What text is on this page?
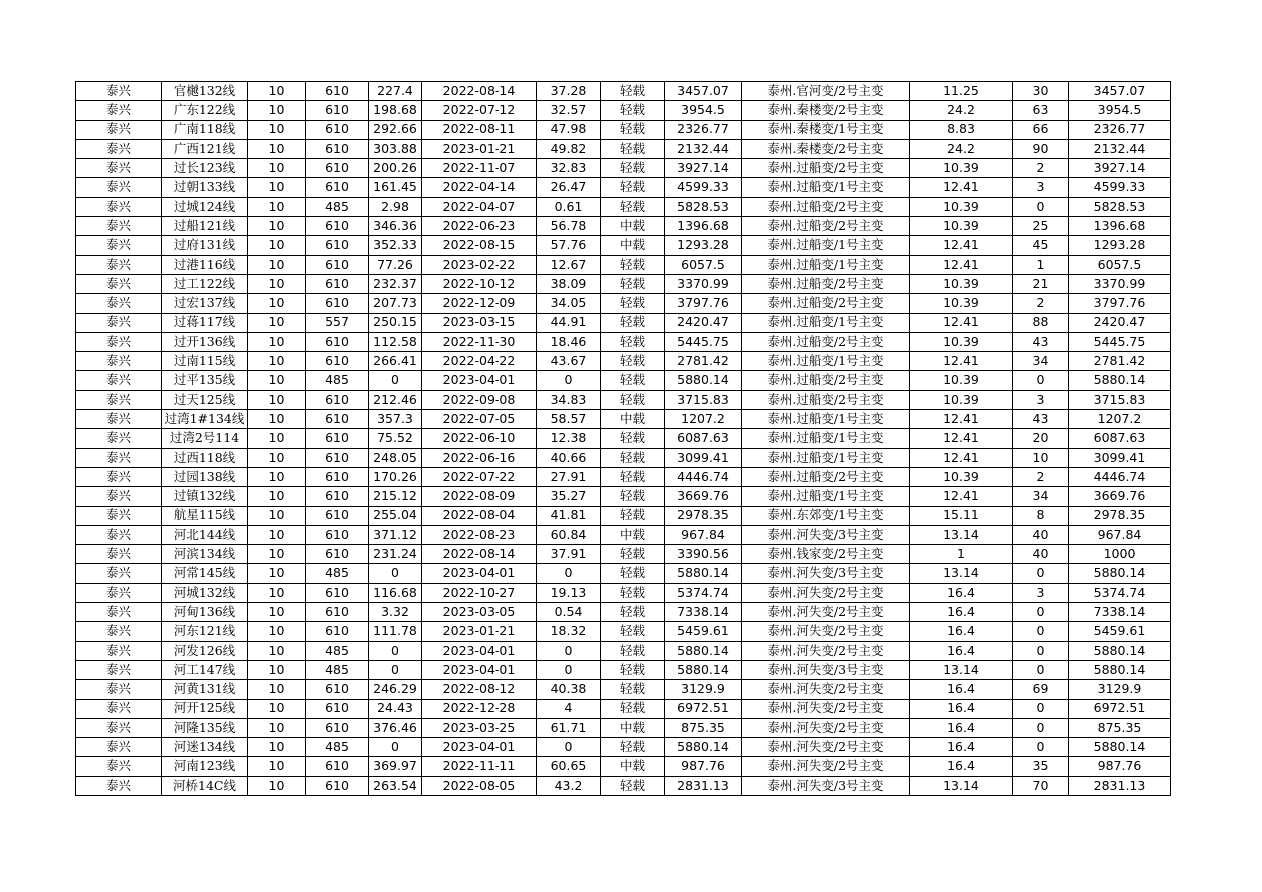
泰兴	官樾132线	10	610	227.4	2022-08-14	37.28	轻载	3457.07	泰州.官河变/2号主变	11.25	30	3457.07
泰兴	广东122线	10	610	198.68	2022-07-12	32.57	轻载	3954.5	泰州.秦楼变/2号主变	24.2	63	3954.5
泰兴	广南118线	10	610	292.66	2022-08-11	47.98	轻载	2326.77	泰州.秦楼变/1号主变	8.83	66	2326.77
泰兴	广西121线	10	610	303.88	2023-01-21	49.82	轻载	2132.44	泰州.秦楼变/2号主变	24.2	90	2132.44
泰兴	过长123线	10	610	200.26	2022-11-07	32.83	轻载	3927.14	泰州.过船变/2号主变	10.39	2	3927.14
泰兴	过朝133线	10	610	161.45	2022-04-14	26.47	轻载	4599.33	泰州.过船变/1号主变	12.41	3	4599.33
泰兴	过城124线	10	485	2.98	2022-04-07	0.61	轻载	5828.53	泰州.过船变/2号主变	10.39	0	5828.53
泰兴	过船121线	10	610	346.36	2022-06-23	56.78	中载	1396.68	泰州.过船变/2号主变	10.39	25	1396.68
泰兴	过府131线	10	610	352.33	2022-08-15	57.76	中载	1293.28	泰州.过船变/1号主变	12.41	45	1293.28
泰兴	过港116线	10	610	77.26	2023-02-22	12.67	轻载	6057.5	泰州.过船变/1号主变	12.41	1	6057.5
泰兴	过工122线	10	610	232.37	2022-10-12	38.09	轻载	3370.99	泰州.过船变/2号主变	10.39	21	3370.99
泰兴	过宏137线	10	610	207.73	2022-12-09	34.05	轻载	3797.76	泰州.过船变/2号主变	10.39	2	3797.76
泰兴	过蒋117线	10	557	250.15	2023-03-15	44.91	轻载	2420.47	泰州.过船变/1号主变	12.41	88	2420.47
泰兴	过开136线	10	610	112.58	2022-11-30	18.46	轻载	5445.75	泰州.过船变/2号主变	10.39	43	5445.75
泰兴	过南115线	10	610	266.41	2022-04-22	43.67	轻载	2781.42	泰州.过船变/1号主变	12.41	34	2781.42
泰兴	过平135线	10	485	0	2023-04-01	0	轻载	5880.14	泰州.过船变/2号主变	10.39	0	5880.14
泰兴	过天125线	10	610	212.46	2022-09-08	34.83	轻载	3715.83	泰州.过船变/2号主变	10.39	3	3715.83
泰兴	过湾1#134线	10	610	357.3	2022-07-05	58.57	中载	1207.2	泰州.过船变/1号主变	12.41	43	1207.2
泰兴	过湾2号114	10	610	75.52	2022-06-10	12.38	轻载	6087.63	泰州.过船变/1号主变	12.41	20	6087.63
泰兴	过西118线	10	610	248.05	2022-06-16	40.66	轻载	3099.41	泰州.过船变/1号主变	12.41	10	3099.41
泰兴	过园138线	10	610	170.26	2022-07-22	27.91	轻载	4446.74	泰州.过船变/2号主变	10.39	2	4446.74
泰兴	过镇132线	10	610	215.12	2022-08-09	35.27	轻载	3669.76	泰州.过船变/1号主变	12.41	34	3669.76
泰兴	航星115线	10	610	255.04	2022-08-04	41.81	轻载	2978.35	泰州.东郊变/1号主变	15.11	8	2978.35
泰兴	河北144线	10	610	371.12	2022-08-23	60.84	中载	967.84	泰州.河失变/3号主变	13.14	40	967.84
泰兴	河滨134线	10	610	231.24	2022-08-14	37.91	轻载	3390.56	泰州.钱家变/2号主变	1	40	1000
泰兴	河常145线	10	485	0	2023-04-01	0	轻载	5880.14	泰州.河失变/3号主变	13.14	0	5880.14
泰兴	河城132线	10	610	116.68	2022-10-27	19.13	轻载	5374.74	泰州.河失变/2号主变	16.4	3	5374.74
泰兴	河甸136线	10	610	3.32	2023-03-05	0.54	轻载	7338.14	泰州.河失变/2号主变	16.4	0	7338.14
泰兴	河东121线	10	610	111.78	2023-01-21	18.32	轻载	5459.61	泰州.河失变/2号主变	16.4	0	5459.61
泰兴	河发126线	10	485	0	2023-04-01	0	轻载	5880.14	泰州.河失变/2号主变	16.4	0	5880.14
泰兴	河工147线	10	485	0	2023-04-01	0	轻载	5880.14	泰州.河失变/3号主变	13.14	0	5880.14
泰兴	河黄131线	10	610	246.29	2022-08-12	40.38	轻载	3129.9	泰州.河失变/2号主变	16.4	69	3129.9
泰兴	河开125线	10	610	24.43	2022-12-28	4	轻载	6972.51	泰州.河失变/2号主变	16.4	0	6972.51
泰兴	河隆135线	10	610	376.46	2023-03-25	61.71	中载	875.35	泰州.河失变/2号主变	16.4	0	875.35
泰兴	河迷134线	10	485	0	2023-04-01	0	轻载	5880.14	泰州.河失变/2号主变	16.4	0	5880.14
泰兴	河南123线	10	610	369.97	2022-11-11	60.65	中载	987.76	泰州.河失变/2号主变	16.4	35	987.76
泰兴	河桥14C线	10	610	263.54	2022-08-05	43.2	轻载	2831.13	泰州.河失变/3号主变	13.14	70	2831.13
